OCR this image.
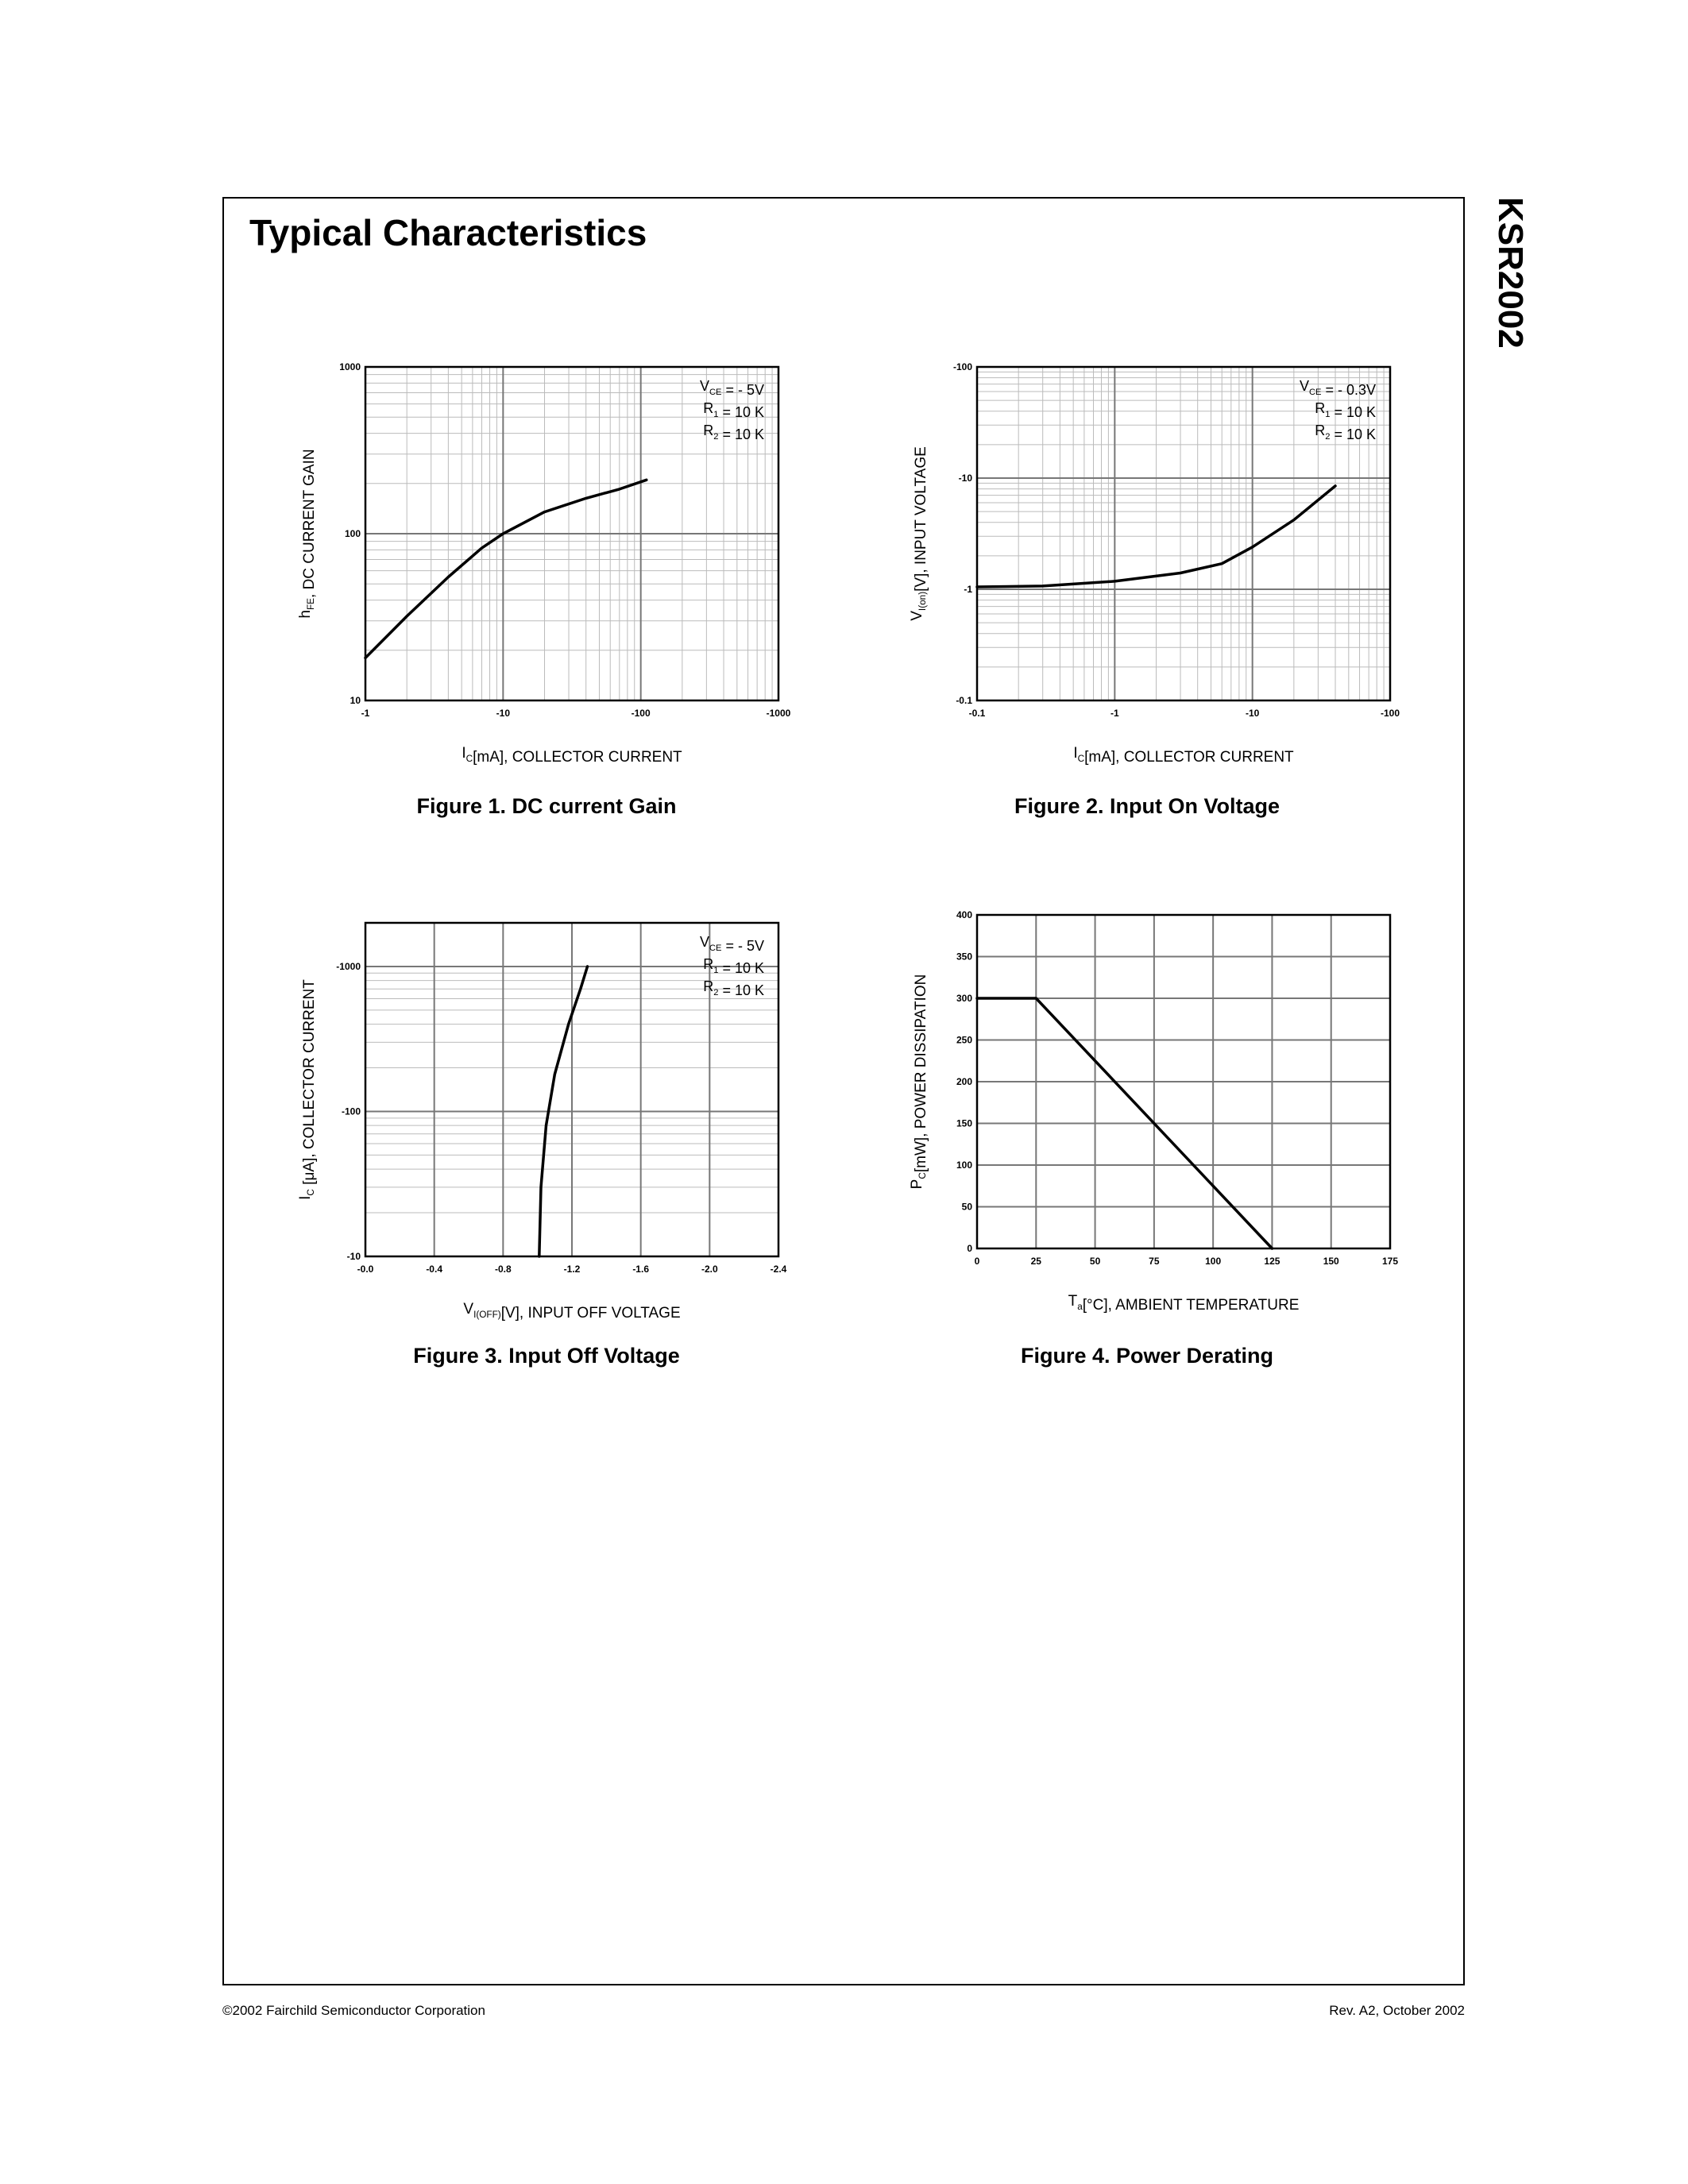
Typical Characteristics	KSR2002
-1	-10	-100	-1000
10
100
1000
$I_C[mA]$, COLLECTOR CURRENT
$h_{FE}$, DC CURRENT GAIN
$V_{CE}$ = - 5V
$R_1 = 10$ K
$R_2 = 10$ K
Figure 1. DC current Gain
-0.1	-1	-10	-100
-0.1
-1
-10
-100
$I_C[mA]$, COLLECTOR CURRENT
$V_{I(on)}[V]$, INPUT VOLTAGE
$V_{CE}$ = - 0.3V
$R_1 = 10$ K
$R_2 = 10$ K
Figure 2. Input On Voltage
-0.0	-0.4	-0.8	-1.2	-1.6	-2.0	-2.4
-10
-100
-1000
$V_{I(OFF)}[V]$, INPUT OFF VOLTAGE
$I_C$ [μA], COLLECTOR CURRENT
$V_{CE}$ = - 5V
$R_1 = 10$ K
$R_2 = 10$ K
Figure 3. Input Off Voltage
0	25	50	75	100	125	150	175
0
50
100
150
200
250
300
350
400
$T_a[^\circ C]$, AMBIENT TEMPERATURE
$P_C[mW]$, POWER DISSIPATION
Figure 4. Power Derating
©2002 Fairchild Semiconductor Corporation	Rev. A2, October 2002
